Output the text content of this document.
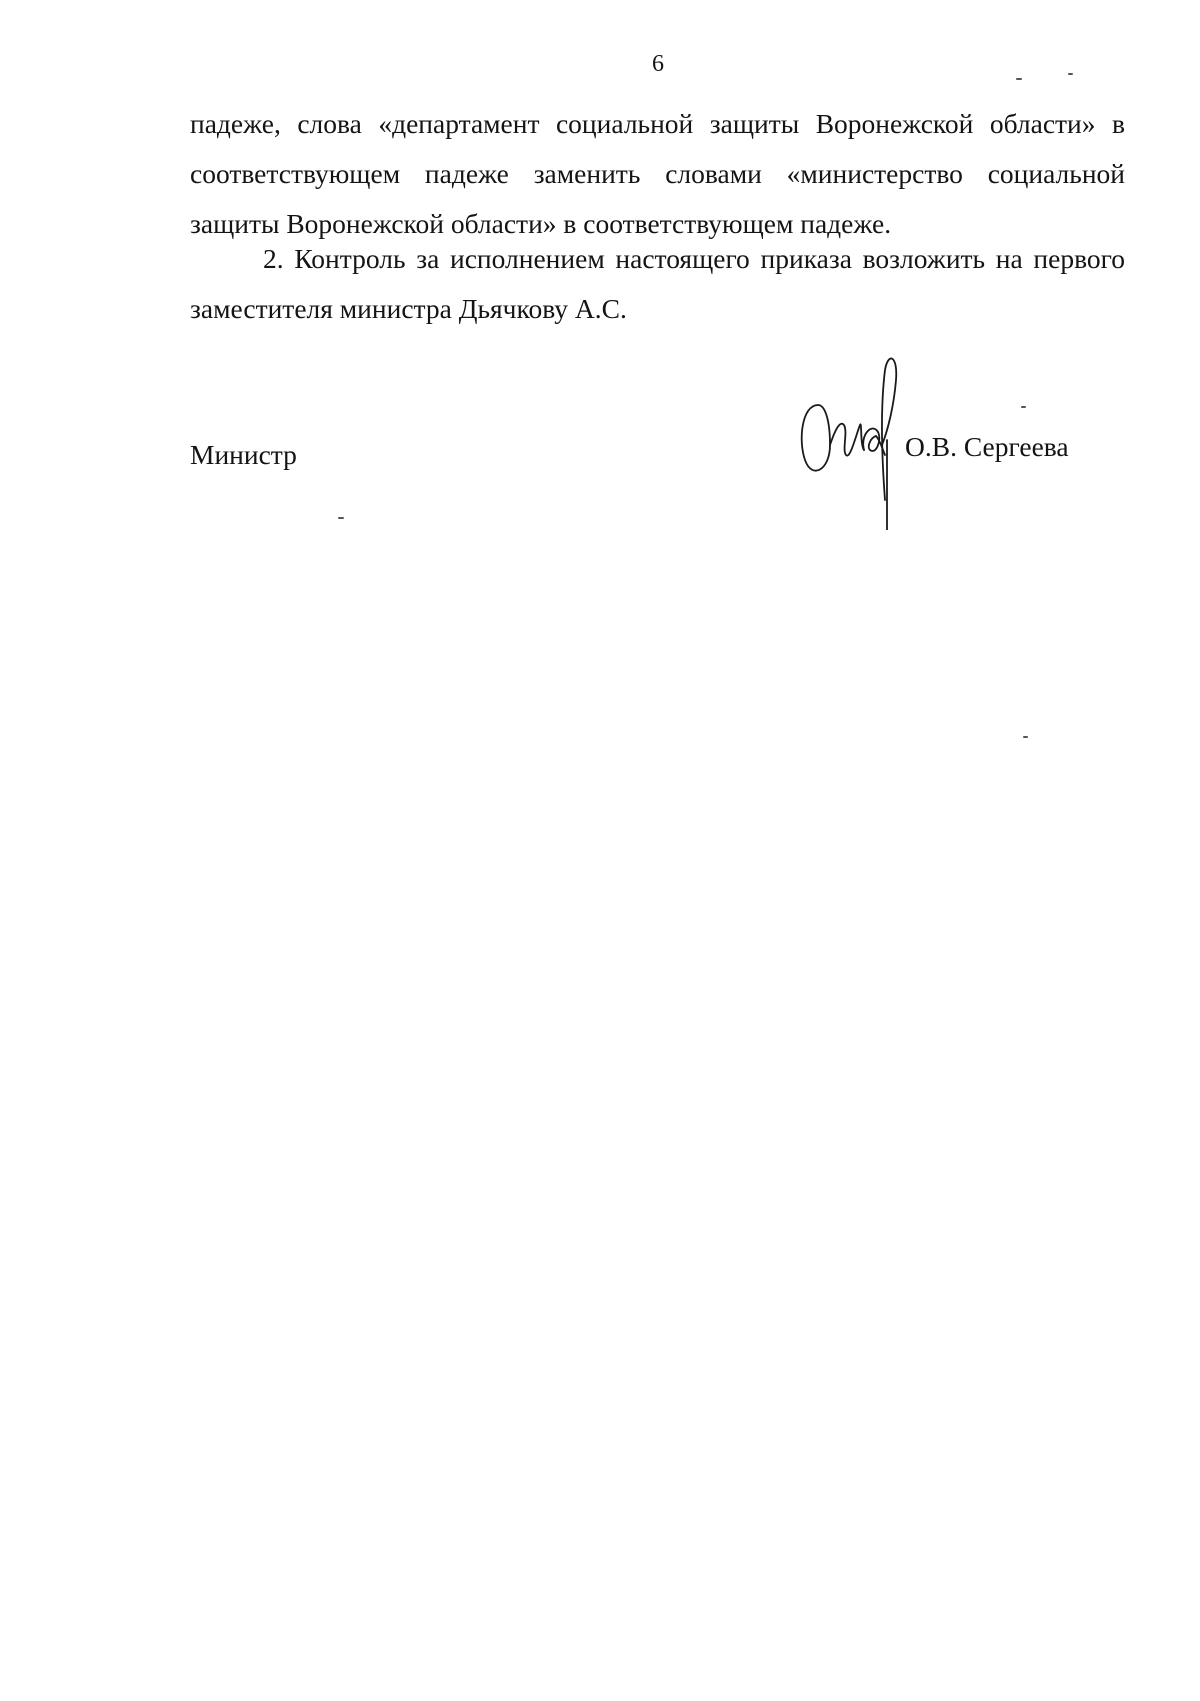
6

падеже, слова «департамент социальной защиты Воронежской области» в соответствующем падеже заменить словами «министерство социальной защиты Воронежской области» в соответствующем падеже.

2. Контроль за исполнением настоящего приказа возложить на первого заместителя министра Дьячкову А.С.

Министр	О.В. Сергеева
